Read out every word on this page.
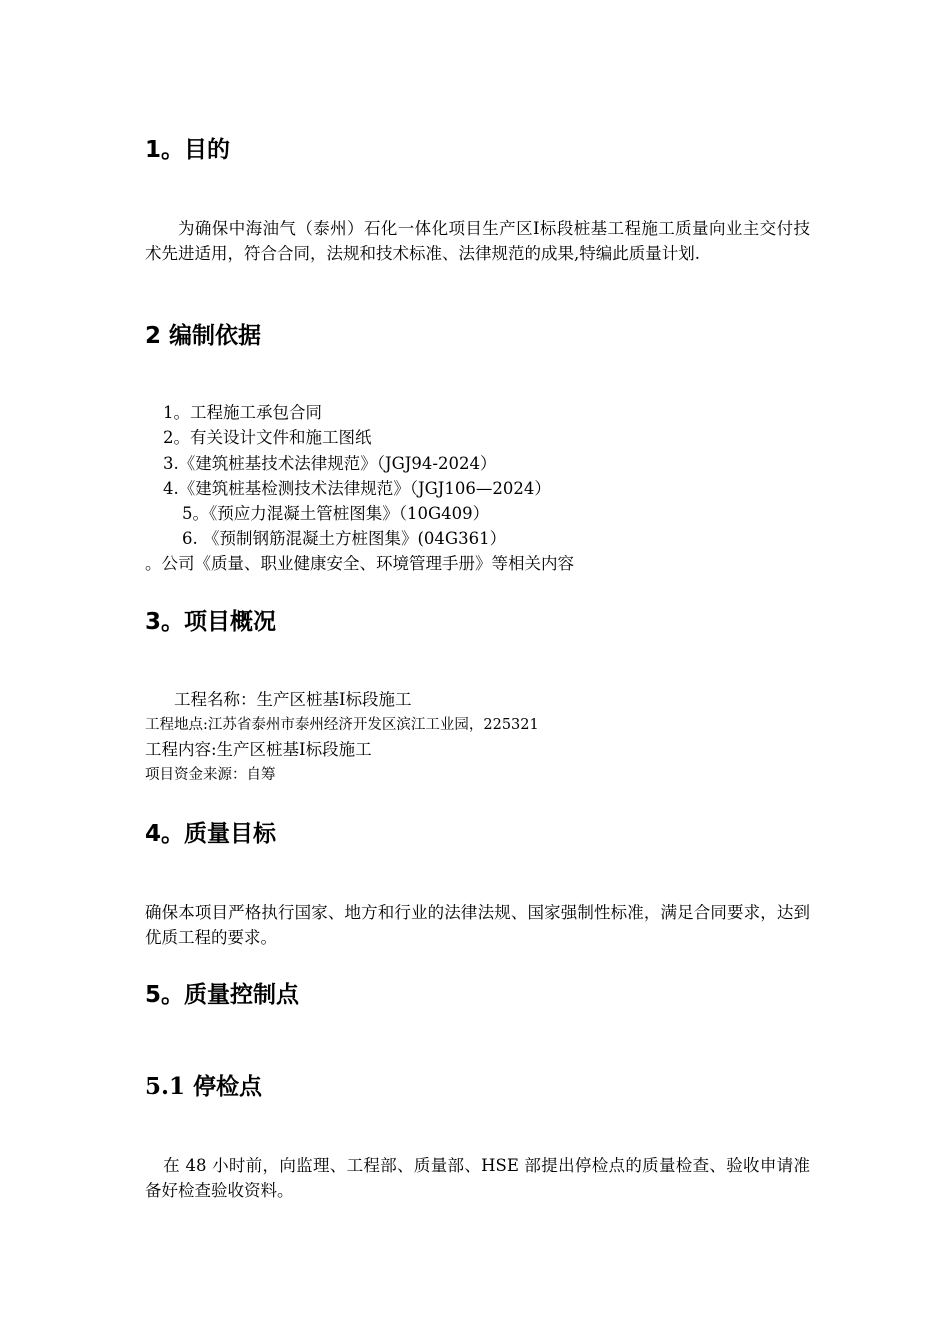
1。目的
为确保中海油气（泰州）石化一体化项目生产区I标段桩基工程施工质量向业主交付技术先进适用，符合合同，法规和技术标准、法律规范的成果,特编此质量计划.
2 编制依据
1。工程施工承包合同
2。有关设计文件和施工图纸
3.《建筑桩基技术法律规范》（JGJ94-2024）
4.《建筑桩基检测技术法律规范》（JGJ106—2024）
5。《预应力混凝土管桩图集》（10G409）
6. 《预制钢筋混凝土方桩图集》(04G361）
。公司《质量、职业健康安全、环境管理手册》等相关内容
3。项目概况
工程名称：生产区桩基I标段施工
工程地点:江苏省泰州市泰州经济开发区滨江工业园，225321
工程内容:生产区桩基I标段施工
项目资金来源：自筹
4。质量目标
确保本项目严格执行国家、地方和行业的法律法规、国家强制性标准，满足合同要求，达到优质工程的要求。
5。质量控制点
5.1 停检点
在 48 小时前，向监理、工程部、质量部、HSE 部提出停检点的质量检查、验收申请准备好检查验收资料。
